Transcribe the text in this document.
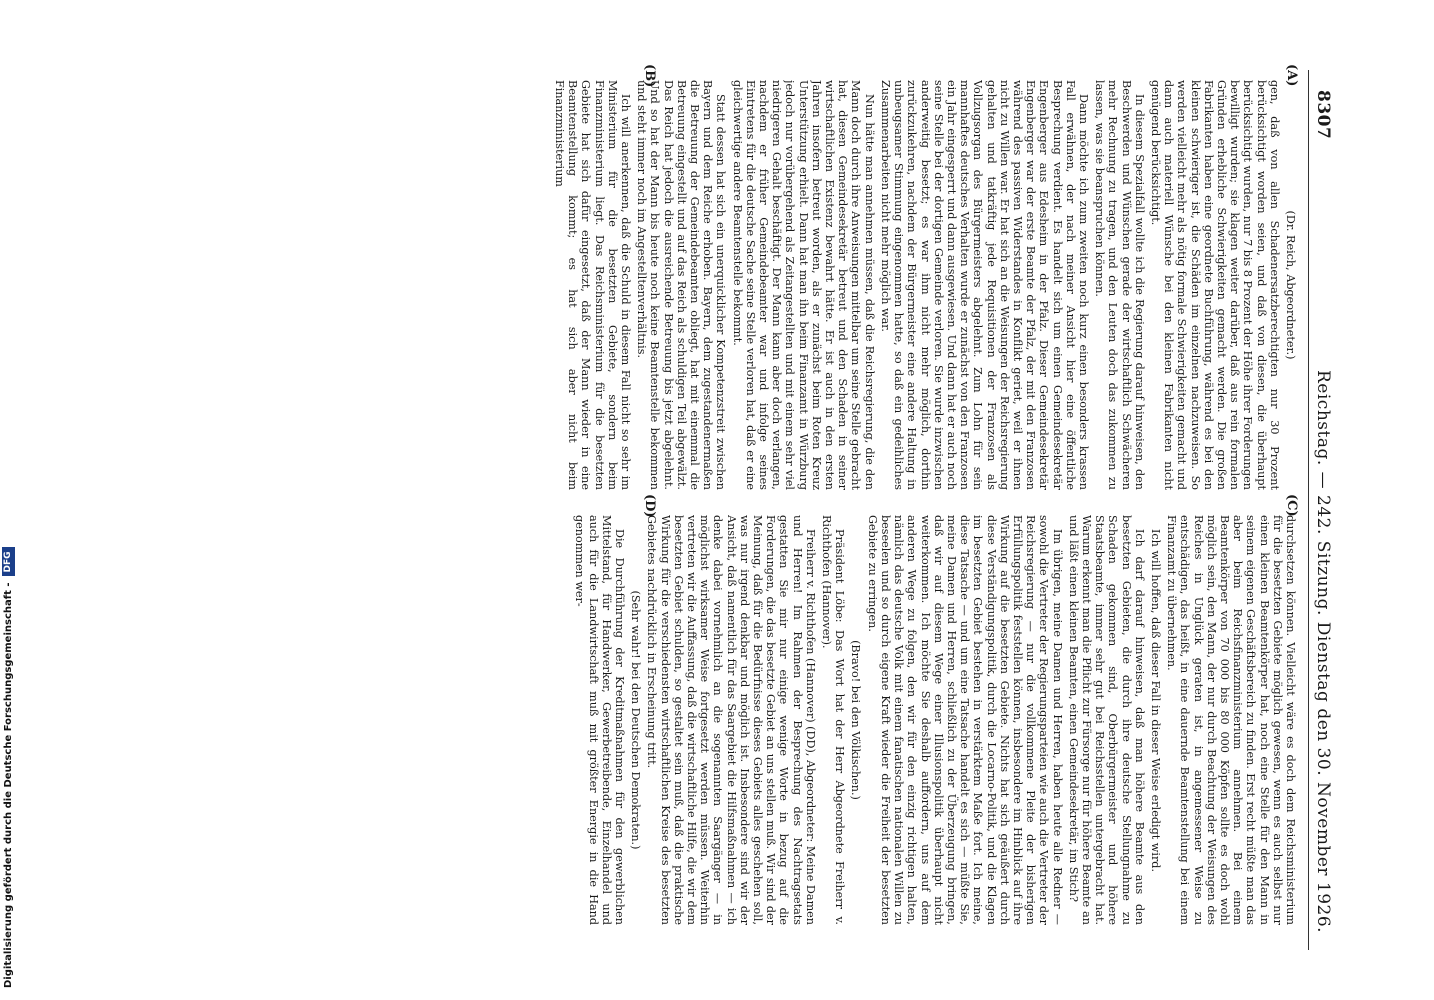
Digitalisierung gefördert durch die Deutsche Forschungsgemeinschaft -
DFG
8307
Reichstag. — 242. Sitzung. Dienstag den 30. November 1926.

(Dr. Reich, Abgeordneter.)

gen, daß von allen Schadenersatzberechtigten nur 30 Prozent berücksichtigt worden seien, und daß von diesen, die überhaupt berücksichtigt wurden, nur 7 bis 8 Prozent der Höhe ihrer Forderungen bewilligt wurden; sie klagen weiter darüber, daß aus rein formalen Gründen erhebliche Schwierigkeiten gemacht werden. Die großen Fabrikanten haben eine geordnete Buchführung, während es bei den kleinen schwieriger ist, die Schäden im einzelnen nachzuweisen. So werden vielleicht mehr als nötig formale Schwierigkeiten gemacht und dann auch materiell Wünsche bei den kleinen Fabrikanten nicht genügend berücksichtigt.

In diesem Spezialfall wollte ich die Regierung darauf hinweisen, den Beschwerden und Wünschen gerade der wirtschaftlich Schwächeren mehr Rechnung zu tragen, und den Leuten doch das zukommen zu lassen, was sie beanspruchen können.

Dann möchte ich zum zweiten noch kurz einen besonders krassen Fall erwähnen, der nach meiner Ansicht hier eine öffentliche Besprechung verdient. Es handelt sich um einen Gemeindesekretär Engenberger aus Edesheim in der Pfalz. Dieser Gemeindesekretär Engenberger war der erste Beamte der Pfalz, der mit den Franzosen während des passiven Widerstandes in Konflikt geriet, weil er ihnen nicht zu Willen war. Er hat sich an die Weisungen der Reichsregierung gehalten und tatkräftig jede Requisitionen der Franzosen als Vollzugsorgan des Bürgermeisters abgelehnt. Zum Lohn für sein mannhaftes deutsches Verhalten wurde er zunächst von den Franzosen ein Jahr eingesperrt und dann ausgewiesen. Und dann hat er auch noch seine Stelle bei der dortigen Gemeinde verloren. Sie wurde inzwischen anderweitig besetzt; es war ihm nicht mehr möglich, dorthin zurückzukehren, nachdem der Bürgermeister eine andere Haltung in unbeugsamer Stimmung eingenommen hatte, so daß ein gedeihliches Zusammenarbeiten nicht mehr möglich war.

Nun hätte man annehmen müssen, daß die Reichsregierung, die den Mann doch durch ihre Anweisungen mittelbar um seine Stelle gebracht hat, diesen Gemeindesekretär betreut und den Schaden in seiner wirtschaftlichen Existenz bewahrt hätte. Er ist auch in den ersten Jahren insofern betreut worden, als er zunächst beim Roten Kreuz Unterstützung erhielt. Dann hat man ihn beim Finanzamt in Würzburg jedoch nur vorübergehend als Zeitangestellten und mit einem sehr viel niedrigeren Gehalt beschäftigt. Der Mann kann aber doch verlangen, nachdem er früher Gemeindebeamter war und infolge seines Eintretens für die deutsche Sache seine Stelle verloren hat, daß er eine gleichwertige andere Beamtenstelle bekommt.

Statt dessen hat sich ein unerquicklicher Kompetenzstreit zwischen Bayern und dem Reiche erhoben. Bayern, dem zugestandenermaßen die Betreuung der Gemeindebeamten obliegt, hat mit einemmal die Betreuung eingestellt und auf das Reich als schuldigen Teil abgewälzt. Das Reich hat jedoch die ausreichende Betreuung bis jetzt abgelehnt. Und so hat der Mann bis heute noch keine Beamtenstelle bekommen und steht immer noch im Angestelltenverhältnis.

Ich will anerkennen, daß die Schuld in diesem Fall nicht so sehr im Ministerium für die besetzten Gebiete, sondern beim Finanzministerium liegt. Das Reichsministerium für die besetzten Gebiete hat sich dafür eingesetzt, daß der Mann wieder in eine Beamtenstellung kommt; es hat sich aber nicht beim Finanzministerium

durchsetzen können. Vielleicht wäre es doch dem Reichsministerium für die besetzten Gebiete möglich gewesen, wenn es auch selbst nur einen kleinen Beamtenkörper hat, noch eine Stelle für den Mann in seinem eigenen Geschäftsbereich zu finden. Erst recht müßte man das aber beim Reichsfinanzministerium annehmen. Bei einem Beamtenkörper von 70 000 bis 80 000 Köpfen sollte es doch wohl möglich sein, den Mann, der nur durch Beachtung der Weisungen des Reiches in Unglück geraten ist, in angemessener Weise zu entschädigen, das heißt, in eine dauernde Beamtenstellung bei einem Finanzamt zu übernehmen.

Ich will hoffen, daß dieser Fall in dieser Weise erledigt wird.

Ich darf darauf hinweisen, daß man höhere Beamte aus den besetzten Gebieten, die durch ihre deutsche Stellungnahme zu Schaden gekommen sind, Oberbürgermeister und höhere Staatsbeamte, immer sehr gut bei Reichsstellen untergebracht hat. Warum erkennt man die Pflicht zur Fürsorge nur für höhere Beamte an und läßt einen kleinen Beamten, einen Gemeindesekretär, im Stich?

Im übrigen, meine Damen und Herren, haben heute alle Redner — sowohl die Vertreter der Regierungsparteien wie auch die Vertreter der Reichsregierung — nur die vollkommene Pleite der bisherigen Erfüllungspolitik feststellen können, insbesondere im Hinblick auf ihre Wirkung auf die besetzten Gebiete. Nichts hat sich geäußert durch diese Verständigungspolitik, durch die Locarno-Politik, und die Klagen im besetzten Gebiet bestehen in verstärktem Maße fort. Ich meine, diese Tatsache — und um eine Tatsache handelt es sich — müßte Sie, meine Damen und Herren, schließlich zu der Überzeugung bringen, daß wir auf diesem Wege einer Illusionspolitik überhaupt nicht weiterkommen. Ich möchte Sie deshalb auffordern, uns auf dem anderen Wege zu folgen, den wir für den einzig richtigen halten, nämlich das deutsche Volk mit einem fanatischen nationalen Willen zu beseelen und so durch eigene Kraft wieder die Freiheit der besetzten Gebiete zu erringen.

(Bravo! bei den Völkischen.)

Präsident Löbe: Das Wort hat der Herr Abgeordnete Freiherr v. Richthofen (Hannover).

Freiherr v. Richthofen (Hannover) (DD), Abgeordneter: Meine Damen und Herren! Im Rahmen der Besprechung des Nachtragsetats gestatten Sie mir nur einige wenige Worte in bezug auf die Forderungen, die das besetzte Gebiet an uns stellen muß. Wir sind der Meinung, daß für die Bedürfnisse dieses Gebiets alles geschehen soll, was nur irgend denkbar und möglich ist. Insbesondere sind wir der Ansicht, daß namentlich für das Saargebiet die Hilfsmaßnahmen — ich denke dabei vornehmlich an die sogenannten Saargänger — in möglichst wirksamer Weise fortgesetzt werden müssen. Weiterhin vertreten wir die Auffassung, daß die wirtschaftliche Hilfe, die wir dem besetzten Gebiet schulden, so gestaltet sein muß, daß die praktische Wirkung für die verschiedensten wirtschaftlichen Kreise des besetzten Gebietes nachdrücklich in Erscheinung tritt.

(Sehr wahr! bei den Deutschen Demokraten.)

Die Durchführung der Kreditmaßnahmen für den gewerblichen Mittelstand, für Handwerker, Gewerbetreibende, Einzelhandel und auch für die Landwirtschaft muß mit größter Energie in die Hand genommen wer-

(A)
(B)
(C)
(D)
